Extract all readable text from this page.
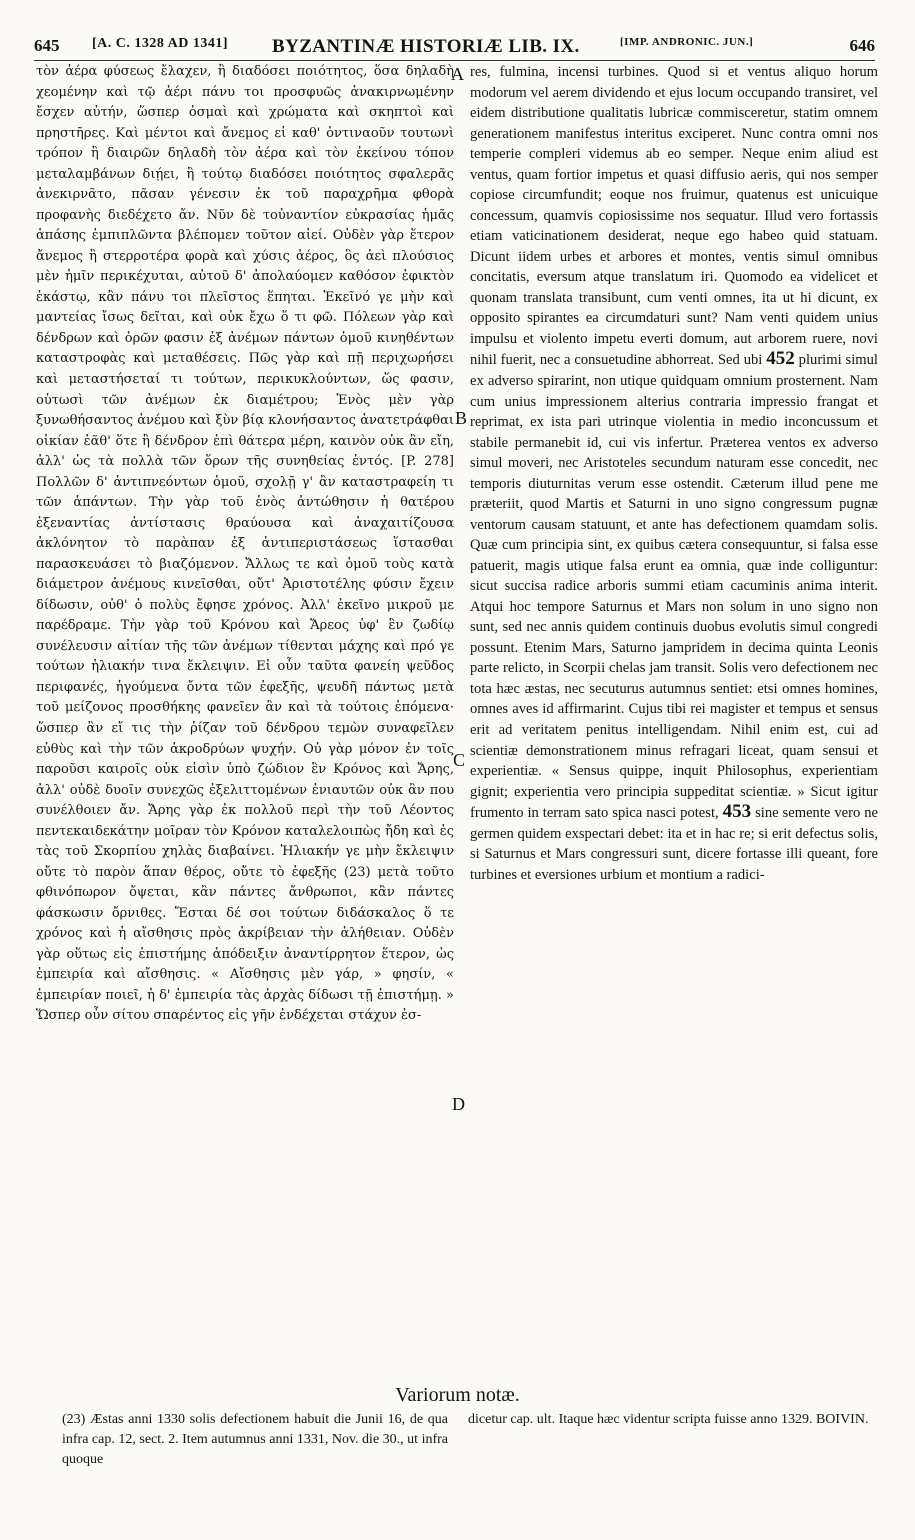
645 [A. C. 1328 AD 1341] BYZANTINÆ HISTORIÆ LIB. IX.	[IMP. ANDRONIC. JUN.]	646

τὸν ἀέρα φύσεως ἔλαχεν, ἢ διαδόσει ποιότητος, ὅσα δηλαδὴ χεομένην καὶ τῷ ἀέρι πάνυ τοι προσφυῶς ἀνακιρνωμένην ἔσχεν αὐτήν, ὥσπερ ὀσμαὶ καὶ χρώματα καὶ σκηπτοὶ καὶ πρηστῆρες. Καὶ μέντοι καὶ ἄνεμος εἰ καθ' ὁντιναοῦν τουτωνὶ τρόπον ἢ διαιρῶν δηλαδὴ τὸν ἀέρα καὶ τὸν ἐκείνου τόπον μεταλαμβάνων διῄει, ἢ τούτῳ διαδόσει ποιότητος σφαλερᾶς ἀνεκιρνᾶτο, πᾶσαν γένεσιν ἐκ τοῦ παραχρῆμα φθορὰ προφανὴς διεδέχετο ἄν. Νῦν δὲ τοὐναντίον εὐκρασίας ἡμᾶς ἁπάσης ἐμπιπλῶντα βλέπομεν τοῦτον αἰεί. Οὐδὲν γὰρ ἕτερον ἄνεμος ἢ στερροτέρα φορὰ καὶ χύσις ἀέρος, ὃς ἀεὶ πλούσιος μὲν ἡμῖν περικέχυται, αὐτοῦ δ' ἀπολαύομεν καθόσον ἐφικτὸν ἑκάστῳ, κἂν πάνυ τοι πλεῖστος ἕπηται. Ἐκεῖνό γε μὴν καὶ μαντείας ἴσως δεῖται, καὶ οὐκ ἔχω ὅ τι φῶ. Πόλεων γὰρ καὶ δένδρων καὶ ὀρῶν φασιν ἐξ ἀνέμων πάντων ὁμοῦ κινηθέντων καταστροφὰς καὶ μεταθέσεις. Πῶς γὰρ καὶ πῇ περιχωρήσει καὶ μεταστήσεταί τι τούτων, περικυκλούντων, ὥς φασιν, οὑτωσὶ τῶν ἀνέμων ἐκ διαμέτρου; Ἑνὸς μὲν γὰρ ξυνωθήσαντος ἀνέμου καὶ ξὺν βίᾳ κλονήσαντος ἀνατετράφθαι οἰκίαν ἐᾶθ' ὅτε ἢ δένδρον ἐπὶ θάτερα μέρη, καινὸν οὐκ ἂν εἴη, ἀλλ' ὡς τὰ πολλὰ τῶν ὅρων τῆς συνηθείας ἐντός. [P. 278] Πολλῶν δ' ἀντιπνεόντων ὁμοῦ, σχολῇ γ' ἂν καταστραφείη τι τῶν ἁπάντων. Τὴν γὰρ τοῦ ἑνὸς ἀντώθησιν ἡ θατέρου ἐξεναντίας ἀντίστασις θραύουσα καὶ ἀναχαιτίζουσα ἀκλόνητον τὸ παρὰπαν ἐξ ἀντιπεριστάσεως ἵστασθαι παρασκευάσει τὸ βιαζόμενον. Ἄλλως τε καὶ ὁμοῦ τοὺς κατὰ διάμετρον ἀνέμους κινεῖσθαι, οὔτ' Ἀριστοτέλης φύσιν ἔχειν δίδωσιν, οὐθ' ὁ πολὺς ἔφησε χρόνος. Ἀλλ' ἐκεῖνο μικροῦ με παρέδραμε. Τὴν γὰρ τοῦ Κρόνου καὶ Ἄρεος ὑφ' ἓν ζωδίῳ συνέλευσιν αἰτίαν τῆς τῶν ἀνέμων τίθενται μάχης καὶ πρό γε τούτων ἡλιακήν τινα ἔκλειψιν. Εἰ οὖν ταῦτα φανείη ψεῦδος περιφανές, ἡγούμενα ὄντα τῶν ἐφεξῆς, ψευδῆ πάντως μετὰ τοῦ μείζονος προσθήκης φανεῖεν ἂν καὶ τὰ τούτοις ἑπόμενα· ὥσπερ ἂν εἴ τις τὴν ῥίζαν τοῦ δένδρου τεμὼν συναφεῖλεν εὐθὺς καὶ τὴν τῶν ἀκροδρύων ψυχήν. Οὐ γὰρ μόνον ἐν τοῖς παροῦσι καιροῖς οὐκ εἰσὶν ὑπὸ ζώδιον ἓν Κρόνος καὶ Ἄρης, ἀλλ' οὐδὲ δυοῖν συνεχῶς ἐξελιττομένων ἐνιαυτῶν οὐκ ἂν που συνέλθοιεν ἄν. Ἄρης γὰρ ἐκ πολλοῦ περὶ τὴν τοῦ Λέοντος πεντεκαιδεκάτην μοῖραν τὸν Κρόνον καταλελοιπὼς ἤδη καὶ ἐς τὰς τοῦ Σκορπίου χηλὰς διαβαίνει. Ἡλιακήν γε μὴν ἔκλειψιν οὔτε τὸ παρὸν ἅπαν θέρος, οὔτε τὸ ἐφεξῆς (23) μετὰ τοῦτο φθινόπωρον ὄψεται, κἂν πάντες ἄνθρωποι, κἂν πάντες φάσκωσιν ὄρνιθες. Ἔσται δέ σοι τούτων διδάσκαλος ὅ τε χρόνος καὶ ἡ αἴσθησις πρὸς ἀκρίβειαν τὴν ἀλήθειαν. Οὐδὲν γὰρ οὕτως εἰς ἐπιστήμης ἀπόδειξιν ἀναντίρρητον ἕτερον, ὡς ἐμπειρία καὶ αἴσθησις. « Αἴσθησις μὲν γάρ, » φησίν, « ἐμπειρίαν ποιεῖ, ἡ δ' ἐμπειρία τὰς ἀρχὰς δίδωσι τῇ ἐπιστήμῃ. » Ὥσπερ οὖν σίτου σπαρέντος εἰς γῆν ἐνδέχεται στάχυν ἐσ-

A
B
C
D

res, fulmina, incensi turbines. Quod si et ventus aliquo horum modorum vel aerem dividendo et ejus locum occupando transiret, vel eidem distributione qualitatis lubricæ commisceretur, statim omnem generationem manifestus interitus exciperet. Nunc contra omni nos temperie compleri videmus ab eo semper. Neque enim aliud est ventus, quam fortior impetus et quasi diffusio aeris, qui nos semper copiose circumfundit; eoque nos fruimur, quatenus est unicuique concessum, quamvis copiosissime nos sequatur. Illud vero fortassis etiam vaticinationem desiderat, neque ego habeo quid statuam. Dicunt iidem urbes et arbores et montes, ventis simul omnibus concitatis, eversum atque translatum iri. Quomodo ea videlicet et quonam translata transibunt, cum venti omnes, ita ut hi dicunt, ex opposito spirantes ea circumdaturi sunt? Nam venti quidem unius impulsu et violento impetu everti domum, aut arborem ruere, novi nihil fuerit, nec a consuetudine abhorreat. Sed ubi 452 plurimi simul ex adverso spirarint, non utique quidquam omnium prosternent. Nam cum unius impressionem alterius contraria impressio frangat et reprimat, ex ista pari utrinque violentia in medio inconcussum et stabile permanebit id, cui vis infertur. Præterea ventos ex adverso simul moveri, nec Aristoteles secundum naturam esse concedit, nec temporis diuturnitas verum esse ostendit. Cæterum illud pene me præteriit, quod Martis et Saturni in uno signo congressum pugnæ ventorum causam statuunt, et ante has defectionem quamdam solis. Quæ cum principia sint, ex quibus cætera consequuntur, si falsa esse patuerit, magis utique falsa erunt ea omnia, quæ inde colliguntur: sicut succisa radice arboris summi etiam cacuminis anima interit. Atqui hoc tempore Saturnus et Mars non solum in uno signo non sunt, sed nec annis quidem continuis duobus evolutis simul congredi possunt. Etenim Mars, Saturno jampridem in decima quinta Leonis parte relicto, in Scorpii chelas jam transit. Solis vero defectionem nec tota hæc æstas, nec secuturus autumnus sentiet: etsi omnes homines, omnes aves id affirmarint. Cujus tibi rei magister et tempus et sensus erit ad veritatem penitus intelligendam. Nihil enim est, cui ad scientiæ demonstrationem minus refragari liceat, quam sensui et experientiæ. « Sensus quippe, inquit Philosophus, experientiam gignit; experientia vero principia suppeditat scientiæ. » Sicut igitur frumento in terram sato spica nasci potest, 453 sine semente vero ne germen quidem exspectari debet: ita et in hac re; si erit defectus solis, si Saturnus et Mars congressuri sunt, dicere fortasse illi queant, fore turbines et eversiones urbium et montium a radici-

Variorum notæ.
(23) Æstas anni 1330 solis defectionem habuit die Junii 16, de qua infra cap. 12, sect. 2. Item autumnus anni 1331, Nov. die 30., ut infra quoque
dicetur cap. ult. Itaque hæc videntur scripta fuisse anno 1329. BOIVIN.
